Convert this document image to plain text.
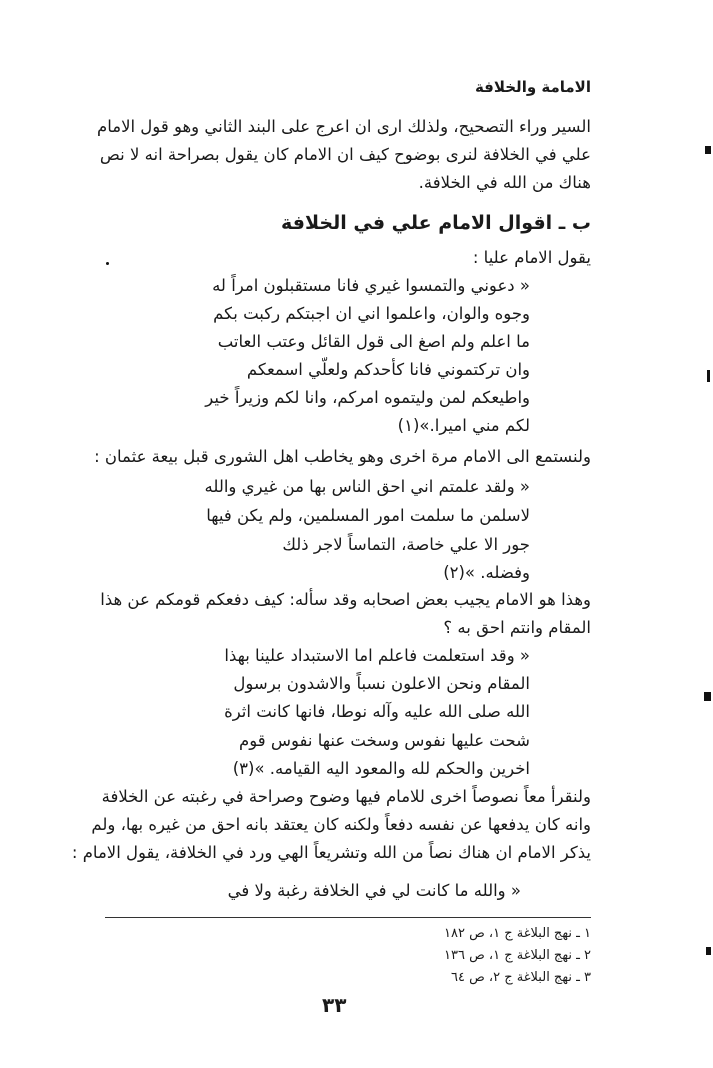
الامامة والخلافة
السير وراء التصحيح، ولذلك ارى ان اعرج على البند الثاني وهو قول الامام
علي في الخلافة لنرى بوضوح كيف ان الامام كان يقول بصراحة انه لا نص
هناك من الله في الخلافة.
ب ـ اقوال الامام علي في الخلافة
يقول الامام عليا :
« دعوني والتمسوا غيري فانا مستقبلون امراً له
وجوه والوان، واعلموا اني ان اجبتكم ركبت بكم
ما اعلم ولم اصغ الى قول القائل وعتب العاتب
وان تركتموني فانا كأحدكم ولعلّي اسمعكم
واطيعكم لمن وليتموه امركم، وانا لكم وزيراً خير
لكم مني اميرا.»(١)
ولنستمع الى الامام مرة اخرى وهو يخاطب اهل الشورى قبل بيعة عثمان :
« ولقد علمتم اني احق الناس بها من غيري والله
لاسلمن ما سلمت امور المسلمين، ولم يكن فيها
جور الا علي خاصة، التماساً لاجر ذلك
وفضله. »(٢)
وهذا هو الامام يجيب بعض اصحابه وقد سأله: كيف دفعكم قومكم عن هذا
المقام وانتم احق به ؟
« وقد استعلمت فاعلم اما الاستبداد علينا بهذا
المقام ونحن الاعلون نسباً والاشدون برسول
الله صلى الله عليه وآله نوطا، فانها كانت اثرة
شحت عليها نفوس وسخت عنها نفوس قوم
اخرين والحكم لله والمعود اليه القيامه. »(٣)
ولنقرأ معاً نصوصاً اخرى للامام فيها وضوح وصراحة في رغبته عن الخلافة
وانه كان يدفعها عن نفسه دفعاً ولكنه كان يعتقد بانه احق من غيره بها، ولم
يذكر الامام ان هناك نصاً من الله وتشريعاً الهي ورد في الخلافة، يقول الامام :
« والله ما كانت لي في الخلافة رغبة ولا في
١ ـ نهج البلاغة ج ١، ص ١٨٢
٢ ـ نهج البلاغة ج ١، ص ١٣٦
٣ ـ نهج البلاغة ج ٢، ص ٦٤
٣٣
